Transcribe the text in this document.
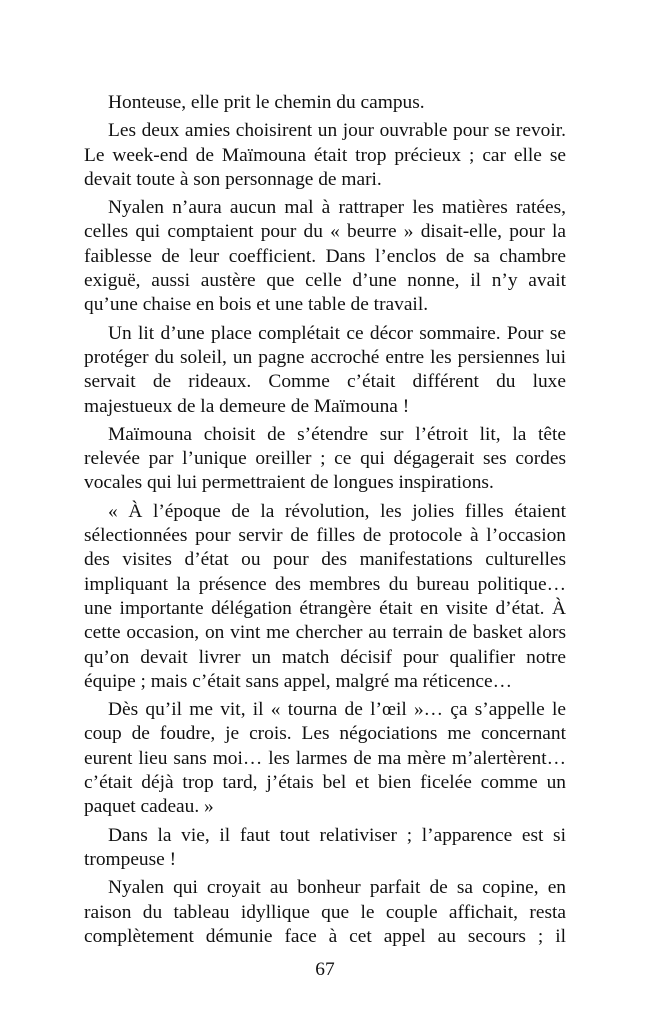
Honteuse, elle prit le chemin du campus.

Les deux amies choisirent un jour ouvrable pour se revoir. Le week-end de Maïmouna était trop précieux ; car elle se devait toute à son personnage de mari.

Nyalen n’aura aucun mal à rattraper les matières ratées, celles qui comptaient pour du « beurre » disait-elle, pour la faiblesse de leur coefficient. Dans l’enclos de sa chambre exiguë, aussi austère que celle d’une nonne, il n’y avait qu’une chaise en bois et une table de travail.

Un lit d’une place complétait ce décor sommaire. Pour se protéger du soleil, un pagne accroché entre les persiennes lui servait de rideaux. Comme c’était différent du luxe majestueux de la demeure de Maïmouna !

Maïmouna choisit de s’étendre sur l’étroit lit, la tête relevée par l’unique oreiller ; ce qui dégagerait ses cordes vocales qui lui permettraient de longues inspirations.

« À l’époque de la révolution, les jolies filles étaient sélectionnées pour servir de filles de protocole à l’occasion des visites d’état ou pour des manifestations culturelles impliquant la présence des membres du bureau politique… une importante délégation étrangère était en visite d’état. À cette occasion, on vint me chercher au terrain de basket alors qu’on devait livrer un match décisif pour qualifier notre équipe ; mais c’était sans appel, malgré ma réticence…

Dès qu’il me vit, il « tourna de l’œil »… ça s’appelle le coup de foudre, je crois. Les négociations me concernant eurent lieu sans moi… les larmes de ma mère m’alertèrent… c’était déjà trop tard, j’étais bel et bien ficelée comme un paquet cadeau. »

Dans la vie, il faut tout relativiser ; l’apparence est si trompeuse !

Nyalen qui croyait au bonheur parfait de sa copine, en raison du tableau idyllique que le couple affichait, resta complètement démunie face à cet appel au secours ; il

67
